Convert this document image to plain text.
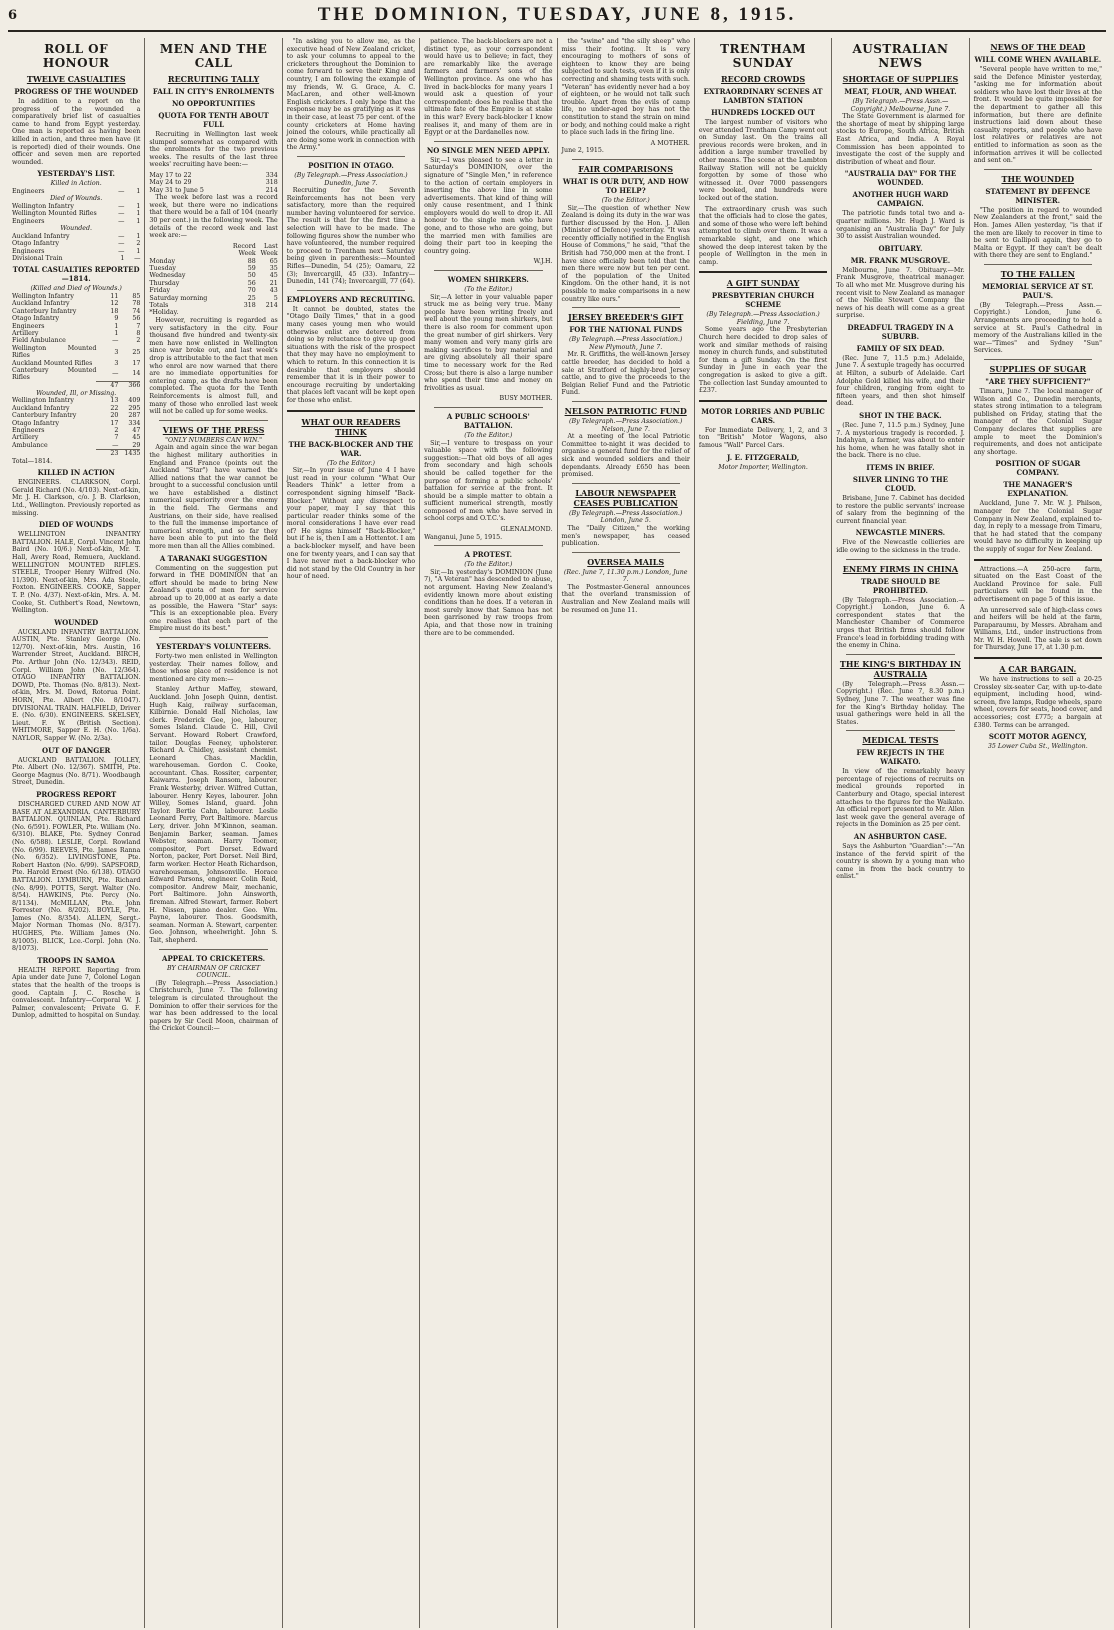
6	THE DOMINION, TUESDAY, JUNE 8, 1915.
ROLL OF HONOUR
TWELVE CASUALTIES
PROGRESS OF THE WOUNDED
In addition to a report on the progress of the wounded a comparatively brief list of casualties came to hand from Egypt yesterday. One man is reported as having been killed in action, and three men have (it is reported) died of their wounds. One officer and seven men are reported wounded.
YESTERDAY'S LIST.
Killed in Action.
Engineers	—	1
Died of Wounds.
Wellington Infantry	—	1
Wellington Mounted Rifles	—	1
Engineers	—	1
Wounded.
Auckland Infantry	—	1
Otago Infantry	—	2
Engineers	—	1
Divisional Train	1	—
TOTAL CASUALTIES REPORTED—1814.
(Killed and Died of Wounds.)
Wellington Infantry	11	85
Auckland Infantry	12	78
Canterbury Infantry	18	74
Otago Infantry	9	56
Engineers	1	7
Artillery	1	8
Field Ambulance	—	2
Wellington Mounted Rifles	3	25
Auckland Mounted Rifles	3	17
Canterbury Mounted Rifles	—	14
	47	366
Wounded, Ill, or Missing.
Wellington Infantry	13	409
Auckland Infantry	22	295
Canterbury Infantry	20	287
Otago Infantry	17	334
Engineers	2	47
Artillery	7	45
Ambulance	—	29
	23	1435
Total—1814.
KILLED IN ACTION
ENGINEERS. CLARKSON, Corpl. Gerald Richard (No. 4/103). Next-of-kin, Mr. J. H. Clarkson, c/o. J. B. Clarkson, Ltd., Wellington. Previously reported as missing.
DIED OF WOUNDS
WELLINGTON INFANTRY BATTALION. HALE, Corpl. Vincent John Baird (No. 10/6.) Next-of-kin, Mr. T. Hall, Avery Road, Remuera, Auckland. WELLINGTON MOUNTED RIFLES. STEELE, Trooper Henry Wilfred (No. 11/390). Next-of-kin, Mrs. Ada Steele, Foxton. ENGINEERS. COOKE, Sapper T. P. (No. 4/37). Next-of-kin, Mrs. A. M. Cooke, St. Cuthbert's Road, Newtown, Wellington.
WOUNDED
AUCKLAND INFANTRY BATTALION. AUSTIN, Pte. Stanley George (No. 12/70). Next-of-kin, Mrs. Austin, 16 Warrender Street, Auckland. BIRCH, Pte. Arthur John (No. 12/343). REID, Corpl. William John (No. 12/364). OTAGO INFANTRY BATTALION. DOWD, Pte. Thomas (No. 8/813). Next-of-kin, Mrs. M. Dowd, Rotorua Point. HORN, Pte. Albert (No. 8/1047). DIVISIONAL TRAIN. HALFIELD, Driver E. (No. 6/30). ENGINEERS. SKELSEY, Lieut. F. W. (British Section). WHITMORE, Sapper E. H. (No. 1/6a). NAYLOR, Sapper W. (No. 2/3a).
OUT OF DANGER
AUCKLAND BATTALION. JOLLEY, Pte. Albert (No. 12/367). SMITH, Pte. George Magnus (No. 8/71). Woodbaugh Street, Dunedin.
PROGRESS REPORT
DISCHARGED CURED AND NOW AT BASE AT ALEXANDRIA. CANTERBURY BATTALION. QUINLAN, Pte. Richard (No. 6/591). FOWLER, Pte. William (No. 6/310). BLAKE, Pte. Sydney Conrad (No. 6/588). LESLIE, Corpl. Rowland (No. 6/99). REEVES, Pte. James Ranna (No. 6/352). LIVINGSTONE, Pte. Robert Haxton (No. 6/99). SAPSFORD, Pte. Harold Ernest (No. 6/138). OTAGO BATTALION. LYMBURN, Pte. Richard (No. 8/99). POTTS, Sergt. Walter (No. 8/54). HAWKINS, Pte. Percy (No. 8/1134). McMILLAN, Pte. John Forrester (No. 8/202). BOYLE, Pte. James (No. 8/354). ALLEN, Sergt.-Major Norman Thomas (No. 8/317). HUGHES, Pte. William James (No. 8/1005). BLICK, Lce.-Corpl. John (No. 8/1073).
TROOPS IN SAMOA
HEALTH REPORT. Reporting from Apia under date June 7, Colonel Logan states that the health of the troops is good. Captain J. C. Rosche is convalescent. Infantry—Corporal W. J. Palmer, convalescent; Private G. F. Dunlop, admitted to hospital on Sunday.
MEN AND THE CALL
RECRUITING TALLY
FALL IN CITY'S ENROLMENTS
NO OPPORTUNITIES
QUOTA FOR TENTH ABOUT FULL
Recruiting in Wellington last week slumped somewhat as compared with the enrolments for the two previous weeks. The results of the last three weeks' recruiting have been:—
May 17 to 22	334
May 24 to 29	318
May 31 to June 5	214
The week before last was a record week, but there were no indications that there would be a fall of 104 (nearly 30 per cent.) in the following week. The details of the record week and last week are:—
	Record Week	Last Week
Monday	88	65
Tuesday	59	35
Wednesday	50	45
Thursday	56	21
Friday	70	43
Saturday morning	25	5
Totals	318	214
*Holiday.
However, recruiting is regarded as very satisfactory in the city. Four thousand five hundred and twenty-six men have now enlisted in Wellington since war broke out, and last week's drop is attributable to the fact that men who enrol are now warned that there are no immediate opportunities for entering camp, as the drafts have been completed. The quota for the Tenth Reinforcements is almost full, and many of those who enrolled last week will not be called up for some weeks.
VIEWS OF THE PRESS
"ONLY NUMBERS CAN WIN."
Again and again since the war began the highest military authorities in England and France (points out the Auckland "Star") have warned the Allied nations that the war cannot be brought to a successful conclusion until we have established a distinct numerical superiority over the enemy in the field. The Germans and Austrians, on their side, have realised to the full the immense importance of numerical strength, and so far they have been able to put into the field more men than all the Allies combined.
A TARANAKI SUGGESTION
Commenting on the suggestion put forward in THE DOMINION that an effort should be made to bring New Zealand's quota of men for service abroad up to 20,000 at as early a date as possible, the Hawera "Star" says: "This is an exceptionable plea. Every one realises that each part of the Empire must do its best."
YESTERDAY'S VOLUNTEERS.
Forty-two men enlisted in Wellington yesterday. Their names follow, and those whose place of residence is not mentioned are city men:—
Stanley Arthur Maffey, steward, Auckland. John Joseph Quinn, dentist. Hugh Kaig, railway surfaceman, Kilbirnie. Donald Hall Nicholas, law clerk. Frederick Gee, joe, labourer, Somes Island. Claude C. Hill, Civil Servant. Howard Robert Crawford, tailor. Douglas Feeney, upholsterer. Richard A. Chidley, assistant chemist. Leonard Chas. Macklin, warehouseman. Gordon C. Cooke, accountant. Chas. Rossiter, carpenter, Kaiwarra. Joseph Ransom, labourer. Frank Westerby, driver. Wilfred Cuttan, labourer. Henry Keyes, labourer. John Willey, Somes Island, guard. John Taylor. Bertie Cahn, labourer. Leslie Leonard Perry, Port Baltimore. Marcus Lery, driver. John M'Kinnon, seaman. Benjamin Barker, seaman. James Webster, seaman. Harry Toomer, compositor, Port Dorset. Edward Norton, packer, Port Dorset. Neil Bird, farm worker. Hector Heath Richardson, warehouseman, Johnsonville. Horace Edward Parsons, engineer. Colin Reid, compositor. Andrew Mair, mechanic, Port Baltimore. John Ainsworth, fireman. Alfred Stewart, farmer. Robert H. Nissen, piano dealer. Geo. Wm. Payne, labourer. Thos. Goodsmith, seaman. Norman A. Stewart, carpenter. Geo. Johnson, wheelwright. John S. Tait, shepherd.
APPEAL TO CRICKETERS.
BY CHAIRMAN OF CRICKET COUNCIL.
(By Telegraph.—Press Association.) Christchurch, June 7. The following telegram is circulated throughout the Dominion to offer their services for the war has been addressed to the local papers by Sir Cecil Moon, chairman of the Cricket Council:—
"In asking you to allow me, as the executive head of New Zealand cricket, to ask your columns to appeal to the cricketers throughout the Dominion to come forward to serve their King and country, I am following the example of my friends, W. G. Grace, A. C. MacLaren, and other well-known English cricketers. I only hope that the response may be as gratifying as it was in their case, at least 75 per cent. of the county cricketers at Home having joined the colours, while practically all are doing some work in connection with the Army."
POSITION IN OTAGO.
(By Telegraph.—Press Association.) Dunedin, June 7.
Recruiting for the Seventh Reinforcements has not been very satisfactory, more than the required number having volunteered for service. The result is that for the first time a selection will have to be made. The following figures show the number who have volunteered, the number required to proceed to Trentham next Saturday being given in parenthesis:—Mounted Rifles—Dunedin, 54 (25); Oamaru, 22 (3); Invercargill, 45 (33). Infantry—Dunedin, 141 (74); Invercargill, 77 (64).
EMPLOYERS AND RECRUITING.
It cannot be doubted, states the "Otago Daily Times," that in a good many cases young men who would otherwise enlist are deterred from doing so by reluctance to give up good situations with the risk of the prospect that they may have no employment to which to return. In this connection it is desirable that employers should remember that it is in their power to encourage recruiting by undertaking that places left vacant will be kept open for those who enlist.
WHAT OUR READERS THINK
THE BACK-BLOCKER AND THE WAR.
(To the Editor.)
Sir,—In your issue of June 4 I have just read in your column "What Our Readers Think" a letter from a correspondent signing himself "Back-Blocker." Without any disrespect to your paper, may I say that this particular reader thinks some of the moral considerations I have ever read of? He signs himself "Back-Blocker," but if he is, then I am a Hottentot. I am a back-blocker myself, and have been one for twenty years, and I can say that I have never met a back-blocker who did not stand by the Old Country in her hour of need.
patience. The back-blockers are not a distinct type, as your correspondent would have us to believe; in fact, they are remarkably like the average farmers and farmers' sons of the Wellington province. As one who has lived in back-blocks for many years I would ask a question of your correspondent: does he realise that the ultimate fate of the Empire is at stake in this war? Every back-blocker I know realises it, and many of them are in Egypt or at the Dardanelles now.
NO SINGLE MEN NEED APPLY.
Sir,—I was pleased to see a letter in Saturday's DOMINION, over the signature of "Single Men," in reference to the action of certain employers in inserting the above line in some advertisements. That kind of thing will only cause resentment, and I think employers would do well to drop it. All honour to the single men who have gone, and to those who are going, but the married men with families are doing their part too in keeping the country going.
W.J.H.
WOMEN SHIRKERS.
(To the Editor.)
Sir,—A letter in your valuable paper struck me as being very true. Many people have been writing freely and well about the young men shirkers, but there is also room for comment upon the great number of girl shirkers. Very many women and very many girls are making sacrifices to buy material and are giving absolutely all their spare time to necessary work for the Red Cross; but there is also a large number who spend their time and money on frivolities as usual.
BUSY MOTHER.
A PUBLIC SCHOOLS' BATTALION.
(To the Editor.)
Sir,—I venture to trespass on your valuable space with the following suggestion:—That old boys of all ages from secondary and high schools should be called together for the purpose of forming a public schools' battalion for service at the front. It should be a simple matter to obtain a sufficient numerical strength, mostly composed of men who have served in school corps and O.T.C.'s.
GLENALMOND.
Wanganui, June 5, 1915.
A PROTEST.
(To the Editor.)
Sir,—In yesterday's DOMINION (June 7), "A Veteran" has descended to abuse, not argument. Having New Zealand's evidently known more about existing conditions than he does. If a veteran in most surely know that Samoa has not been garrisoned by raw troops from Apia, and that those now in training there are to be commended.
the "swine" and "the silly sheep" who miss their footing. It is very encouraging to mothers of sons of eighteen to know they are being subjected to such tests, even if it is only correcting and shaming tests with such. "Veteran" has evidently never had a boy of eighteen, or he would not talk such trouble. Apart from the evils of camp life, no under-aged boy has not the constitution to stand the strain on mind or body, and nothing could make a right to place such lads in the firing line.
A MOTHER.
June 2, 1915.
FAIR COMPARISONS
WHAT IS OUR DUTY, AND HOW TO HELP?
(To the Editor.)
Sir,—The question of whether New Zealand is doing its duty in the war was further discussed by the Hon. J. Allen (Minister of Defence) yesterday. "It was recently officially notified in the English House of Commons," he said, "that the British had 750,000 men at the front. I have since officially been told that the men there were now but ten per cent. of the population of the United Kingdom. On the other hand, it is not possible to make comparisons in a new country like ours."
JERSEY BREEDER'S GIFT
FOR THE NATIONAL FUNDS
(By Telegraph.—Press Association.) New Plymouth, June 7.
Mr. R. Griffiths, the well-known Jersey cattle breeder, has decided to hold a sale at Stratford of highly-bred Jersey cattle, and to give the proceeds to the Belgian Relief Fund and the Patriotic Fund.
NELSON PATRIOTIC FUND
(By Telegraph.—Press Association.) Nelson, June 7.
At a meeting of the local Patriotic Committee to-night it was decided to organise a general fund for the relief of sick and wounded soldiers and their dependants. Already £650 has been promised.
LABOUR NEWSPAPER CEASES PUBLICATION
(By Telegraph.—Press Association.) London, June 5.
The "Daily Citizen," the working men's newspaper, has ceased publication.
OVERSEA MAILS
(Rec. June 7, 11.30 p.m.) London, June 7.
The Postmaster-General announces that the overland transmission of Australian and New Zealand mails will be resumed on June 11.
TRENTHAM SUNDAY
RECORD CROWDS
EXTRAORDINARY SCENES AT LAMBTON STATION
HUNDREDS LOCKED OUT
The largest number of visitors who ever attended Trentham Camp went out on Sunday last. On the trains all previous records were broken, and in addition a large number travelled by other means. The scene at the Lambton Railway Station will not be quickly forgotten by some of those who witnessed it. Over 7000 passengers were booked, and hundreds were locked out of the station.
The extraordinary crush was such that the officials had to close the gates, and some of those who were left behind attempted to climb over them. It was a remarkable sight, and one which showed the deep interest taken by the people of Wellington in the men in camp.
A GIFT SUNDAY
PRESBYTERIAN CHURCH SCHEME
(By Telegraph.—Press Association.) Fielding, June 7.
Some years ago the Presbyterian Church here decided to drop sales of work and similar methods of raising money in church funds, and substituted for them a gift Sunday. On the first Sunday in June in each year the congregation is asked to give a gift. The collection last Sunday amounted to £237.
MOTOR LORRIES AND PUBLIC CARS.
For Immediate Delivery, 1, 2, and 3 ton "British" Motor Wagons, also famous "Wall" Parcel Cars.
J. E. FITZGERALD,
Motor Importer, Wellington.
AUSTRALIAN NEWS
SHORTAGE OF SUPPLIES
MEAT, FLOUR, AND WHEAT.
(By Telegraph.—Press Assn.—Copyright.) Melbourne, June 7.
The State Government is alarmed for the shortage of meat by shipping large stocks to Europe, South Africa, British East Africa, and India. A Royal Commission has been appointed to investigate the cost of the supply and distribution of wheat and flour.
"AUSTRALIA DAY" FOR THE WOUNDED.
ANOTHER HUGH WARD CAMPAIGN.
The patriotic funds total two and a-quarter millions. Mr. Hugh J. Ward is organising an "Australia Day" for July 30 to assist Australian wounded.
OBITUARY.
MR. FRANK MUSGROVE.
Melbourne, June 7. Obituary.—Mr. Frank Musgrove, theatrical manager. To all who met Mr. Musgrove during his recent visit to New Zealand as manager of the Nellie Stewart Company the news of his death will come as a great surprise.
DREADFUL TRAGEDY IN A SUBURB.
FAMILY OF SIX DEAD.
(Rec. June 7, 11.5 p.m.) Adelaide, June 7. A sextuple tragedy has occurred at Hilton, a suburb of Adelaide. Carl Adolphe Gold killed his wife, and their four children, ranging from eight to fifteen years, and then shot himself dead.
SHOT IN THE BACK.
(Rec. June 7, 11.5 p.m.) Sydney, June 7. A mysterious tragedy is recorded. J. Indahyan, a farmer, was about to enter his home, when he was fatally shot in the back. There is no clue.
ITEMS IN BRIEF.
SILVER LINING TO THE CLOUD.
Brisbane, June 7. Cabinet has decided to restore the public servants' increase of salary from the beginning of the current financial year.
NEWCASTLE MINERS.
Five of the Newcastle collieries are idle owing to the sickness in the trade.
ENEMY FIRMS IN CHINA
TRADE SHOULD BE PROHIBITED.
(By Telegraph.—Press Association.—Copyright.) London, June 6. A correspondent states that the Manchester Chamber of Commerce urges that British firms should follow France's lead in forbidding trading with the enemy in China.
THE KING'S BIRTHDAY IN AUSTRALIA
(By Telegraph.—Press Assn.—Copyright.) (Rec. June 7, 8.30 p.m.) Sydney, June 7. The weather was fine for the King's Birthday holiday. The usual gatherings were held in all the States.
MEDICAL TESTS
FEW REJECTS IN THE WAIKATO.
In view of the remarkably heavy percentage of rejections of recruits on medical grounds reported in Canterbury and Otago, special interest attaches to the figures for the Waikato. An official report presented to Mr. Allen last week gave the general average of rejects in the Dominion as 25 per cent.
AN ASHBURTON CASE.
Says the Ashburton "Guardian":—"An instance of the fervid spirit of the country is shown by a young man who came in from the back country to enlist."
NEWS OF THE DEAD
WILL COME WHEN AVAILABLE.
"Several people have written to me," said the Defence Minister yesterday, "asking me for information about soldiers who have lost their lives at the front. It would be quite impossible for the department to gather all this information, but there are definite instructions laid down about these casualty reports, and people who have lost relatives or relatives are not entitled to information as soon as the information arrives it will be collected and sent on."
THE WOUNDED
STATEMENT BY DEFENCE MINISTER.
"The position in regard to wounded New Zealanders at the front," said the Hon. James Allen yesterday, "is that if the men are likely to recover in time to be sent to Gallipoli again, they go to Malta or Egypt. If they can't be dealt with there they are sent to England."
TO THE FALLEN
MEMORIAL SERVICE AT ST. PAUL'S.
(By Telegraph.—Press Assn.—Copyright.) London, June 6. Arrangements are proceeding to hold a service at St. Paul's Cathedral in memory of the Australians killed in the war—"Times" and Sydney "Sun" Services.
SUPPLIES OF SUGAR
"ARE THEY SUFFICIENT?"
Timaru, June 7. The local manager of Wilson and Co., Dunedin merchants, states strong intimation to a telegram published on Friday, stating that the manager of the Colonial Sugar Company declares that supplies are ample to meet the Dominion's requirements, and does not anticipate any shortage.
POSITION OF SUGAR COMPANY.
THE MANAGER'S EXPLANATION.
Auckland, June 7. Mr. W. J. Philson, manager for the Colonial Sugar Company in New Zealand, explained to-day, in reply to a message from Timaru, that he had stated that the company would have no difficulty in keeping up the supply of sugar for New Zealand.
Attractions.—A 250-acre farm, situated on the East Coast of the Auckland Province for sale. Full particulars will be found in the advertisement on page 5 of this issue.
An unreserved sale of high-class cows and heifers will be held at the farm, Paraparaumu, by Messrs. Abraham and Williams, Ltd., under instructions from Mr. W. H. Howell. The sale is set down for Thursday, June 17, at 1.30 p.m.
A CAR BARGAIN.
We have instructions to sell a 20-25 Crossley six-seater Car, with up-to-date equipment, including hood, wind-screen, five lamps, Rudge wheels, spare wheel, covers for seats, hood cover, and accessories; cost £775; a bargain at £380. Terms can be arranged.
SCOTT MOTOR AGENCY,
35 Lower Cuba St., Wellington.
